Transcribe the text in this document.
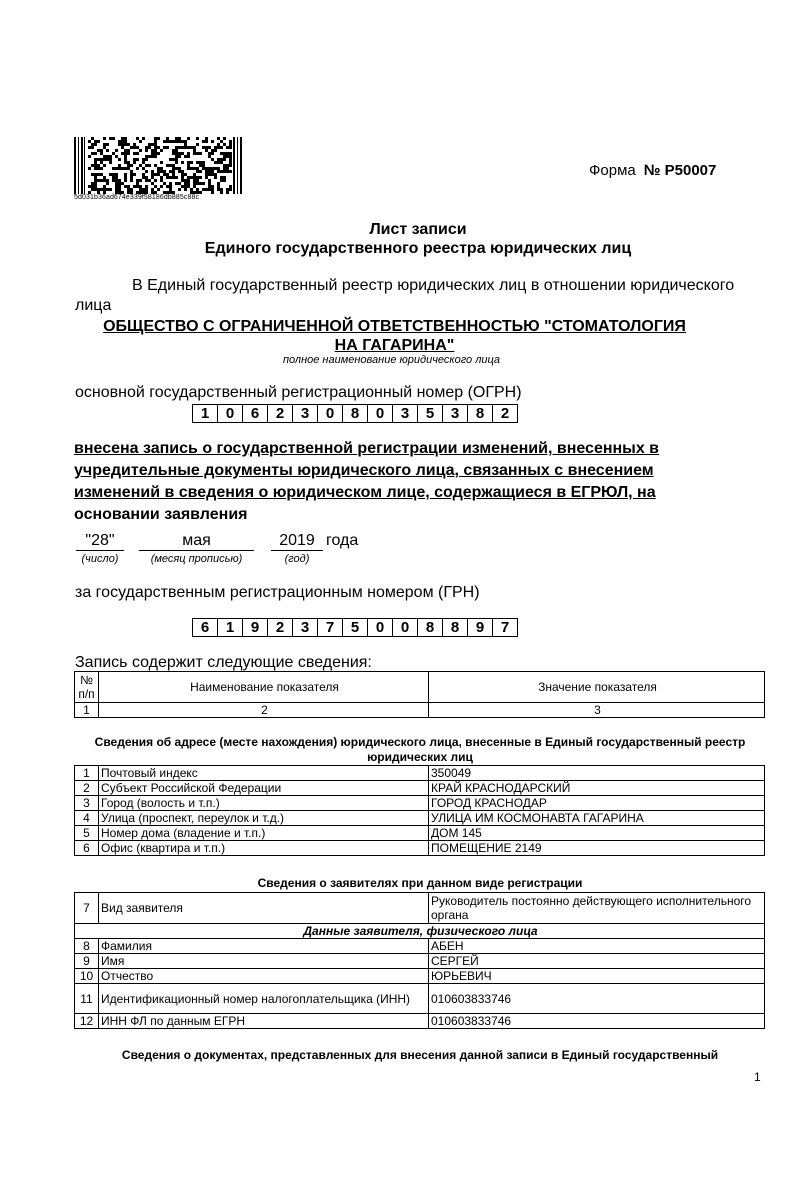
5d031b36ad674e339f58186db885c88c
Форма № Р50007
Лист записи
Единого государственного реестра юридических лиц
В Единый государственный реестр юридических лиц в отношении юридического
лица
ОБЩЕСТВО С ОГРАНИЧЕННОЙ ОТВЕТСТВЕННОСТЬЮ "СТОМАТОЛОГИЯ
НА ГАГАРИНА"
полное наименование юридического лица
основной государственный регистрационный номер (ОГРН)
1	0	6	2	3	0	8	0	3	5	3	8	2
внесена запись о государственной регистрации изменений, внесенных в
учредительные документы юридического лица, связанных с внесением
изменений в сведения о юридическом лице, содержащиеся в ЕГРЮЛ, на
основании заявления
"28"	мая	2019 года
(число)	(месяц прописью)	(год)
за государственным регистрационным номером (ГРН)
6	1	9	2	3	7	5	0	0	8	8	9	7
Запись содержит следующие сведения:
№ п/п	Наименование показателя	Значение показателя
1	2	3
Сведения об адресе (месте нахождения) юридического лица, внесенные в Единый государственный реестр юридических лиц
1	Почтовый индекс	350049
2	Субъект Российской Федерации	КРАЙ КРАСНОДАРСКИЙ
3	Город (волость и т.п.)	ГОРОД КРАСНОДАР
4	Улица (проспект, переулок и т.д.)	УЛИЦА ИМ КОСМОНАВТА ГАГАРИНА
5	Номер дома (владение и т.п.)	ДОМ 145
6	Офис (квартира и т.п.)	ПОМЕЩЕНИЕ 2149
Сведения о заявителях при данном виде регистрации
7	Вид заявителя	Руководитель постоянно действующего исполнительного органа
Данные заявителя, физического лица		
8	Фамилия	АБЕН
9	Имя	СЕРГЕЙ
10	Отчество	ЮРЬЕВИЧ
11	Идентификационный номер налогоплательщика (ИНН)	010603833746
12	ИНН ФЛ по данным ЕГРН	010603833746
Сведения о документах, представленных для внесения данной записи в Единый государственный
1
